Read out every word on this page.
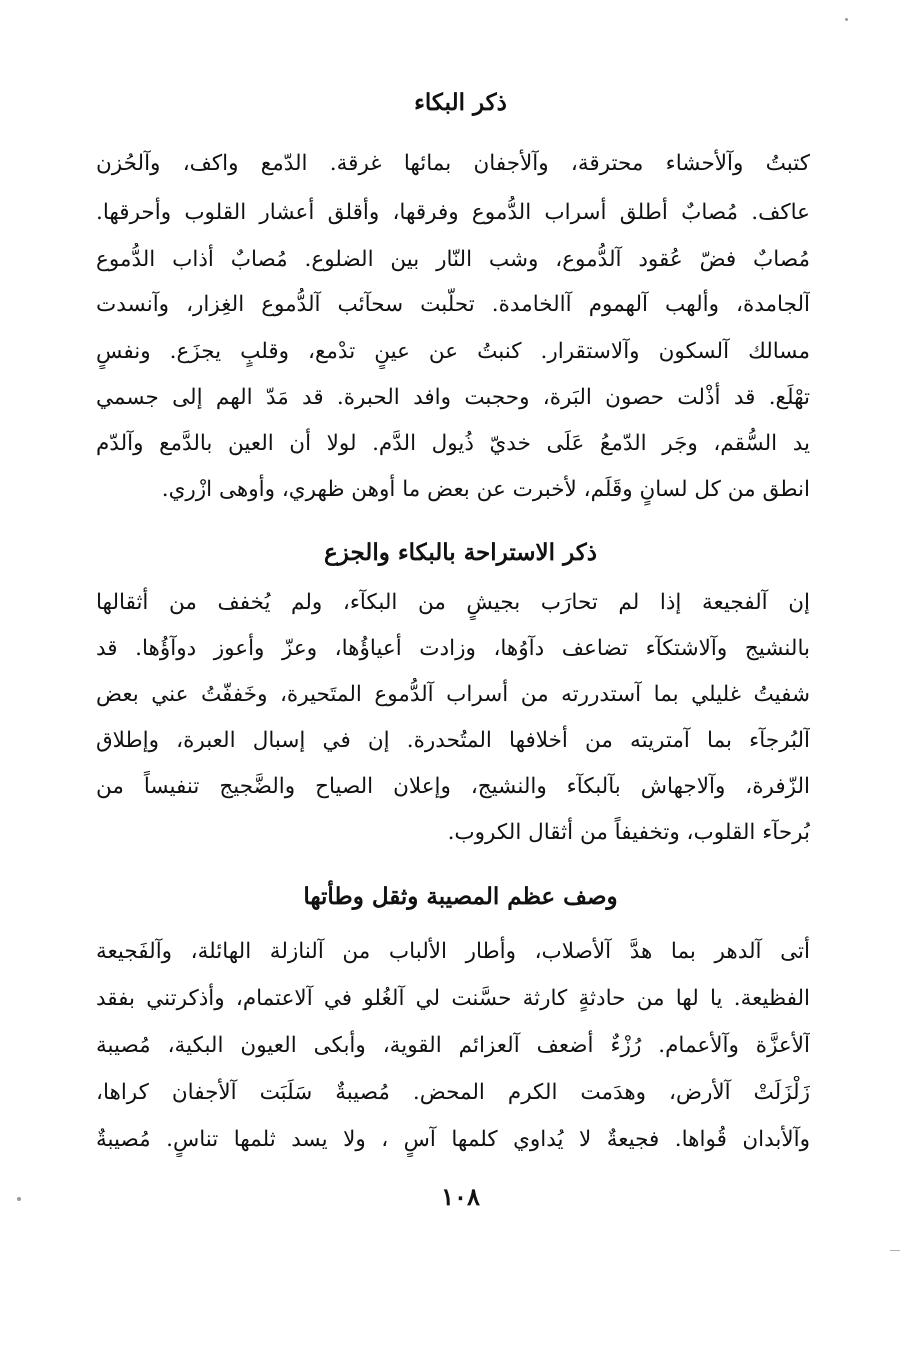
ذكر البكاء
كتبتُ وآلأحشاء محترقة، وآلأجفان بمائها غرقة. الدّمع واكف، وآلحُزن
عاكف. مُصابٌ أطلق أسراب الدُّموع وفرقها، وأقلق أعشار القلوب وأحرقها.
مُصابٌ فضّ عُقود آلدُّموع، وشب النّار بين الضلوع. مُصابٌ أذاب الدُّموع
آلجامدة، وألهب آلهموم آالخامدة. تحلّبت سحآئب آلدُّموع الغِزار، وآنسدت
مسالك آلسكون وآلاستقرار. كنبتُ عن عينٍ تدْمع، وقلبٍ يجزَع. ونفسٍ
تهْلَع. قد أذْلت حصون البَرة، وحجبت وافد الحبرة. قد مَدّ الهم إلى جسمي
يد السُّقم، وجَر الدّمعُ عَلَى خديّ ذُيول الدَّم. لولا أن العين بالدَّمع وآلدّم
انطق من كل لسانٍ وقَلَم، لأخبرت عن بعض ما أوهن ظهري، وأوهى ازْري.
ذكر الاستراحة بالبكاء والجزع
إن آلفجيعة إذا لم تحارَب بجيشٍ من البكآء، ولم يُخفف من أثقالها
بالنشيج وآلاشتكآء تضاعف دآوُها، وزادت أعياؤُها، وعزّ وأعوز دوآؤُها. قد
شفيتُ غليلي بما آستدررته من أسراب آلدُّموع المتَحيرة، وخَففّتُ عني بعض
آلبُرجآء بما آمتريته من أخلافها المتُحدرة. إن في إسبال العبرة، وإطلاق
الزّفرة، وآلاجهاش بآلبكآء والنشيج، وإعلان الصياح والضَّجيج تنفيساً من
بُرحآء القلوب، وتخفيفاً من أثقال الكروب.
وصف عظم المصيبة وثقل وطأتها
أتى آلدهر بما هدَّ آلأصلاب، وأطار الألباب من آلنازلة الهائلة، وآلفَجيعة
الفظيعة. يا لها من حادثةٍ كارثة حسَّنت لي آلغُلو في آلاعتمام، وأذكرتني بفقد
آلأعزَّة وآلأعمام. رُزْءٌ أضعف آلعزائم القوية، وأبكى العيون البكية، مُصيبة
زَلْزَلَتْ آلأرض، وهدَمت الكرم المحض. مُصيبةٌ سَلَبَت آلأجفان كراها،
وآلأبدان قُواها. فجيعةٌ لا يُداوي كلمها آسٍ ، ولا يسد ثلمها تناسٍ. مُصيبةٌ
١٠٨
